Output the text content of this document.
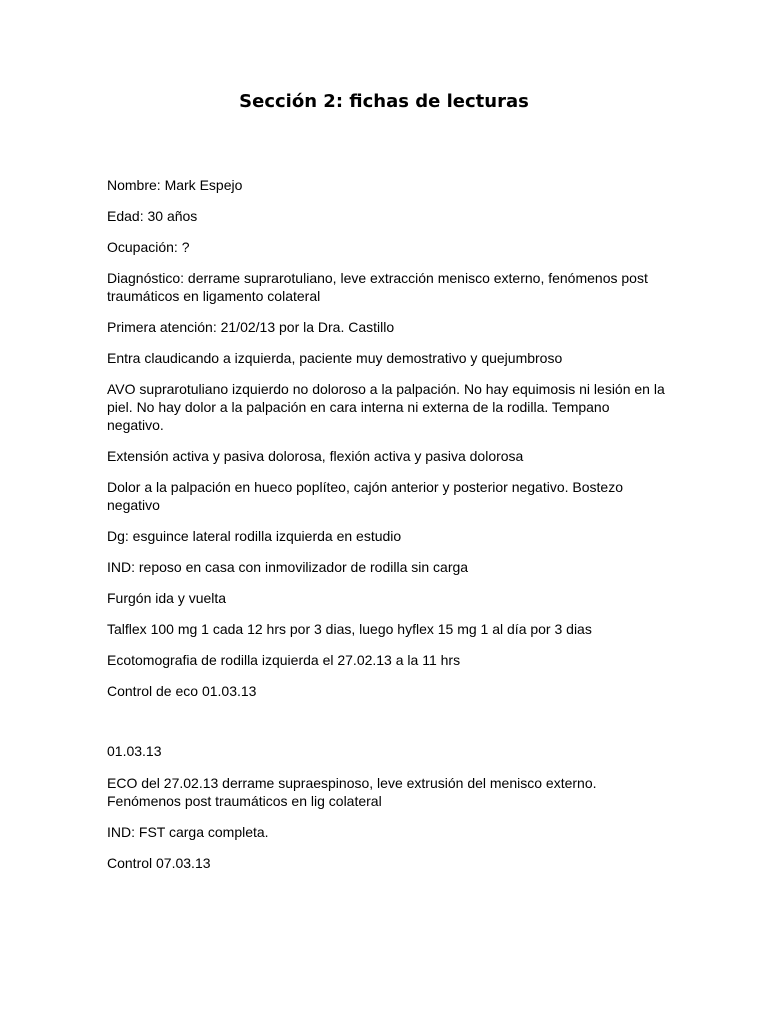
Sección 2: fichas de lecturas

Nombre: Mark Espejo

Edad: 30 años

Ocupación: ?

Diagnóstico: derrame suprarotuliano, leve extracción menisco externo, fenómenos post traumáticos en ligamento colateral

Primera atención: 21/02/13 por la Dra. Castillo

Entra claudicando a izquierda, paciente muy demostrativo y quejumbroso

AVO suprarotuliano izquierdo no doloroso a la palpación. No hay equimosis ni lesión en la piel. No hay dolor a la palpación en cara interna ni externa de la rodilla. Tempano negativo.

Extensión activa y pasiva dolorosa, flexión activa y pasiva dolorosa

Dolor a la palpación en hueco poplíteo, cajón anterior y posterior negativo. Bostezo negativo

Dg: esguince lateral rodilla izquierda en estudio

IND: reposo en casa con inmovilizador de rodilla sin carga

Furgón ida y vuelta

Talflex 100 mg 1 cada 12 hrs por 3 dias, luego hyflex 15 mg 1 al día por 3 dias

Ecotomografia de rodilla izquierda el 27.02.13 a la 11 hrs

Control de eco 01.03.13

01.03.13

ECO del 27.02.13 derrame supraespinoso, leve extrusión del menisco externo. Fenómenos post traumáticos en lig colateral

IND: FST carga completa.

Control 07.03.13
